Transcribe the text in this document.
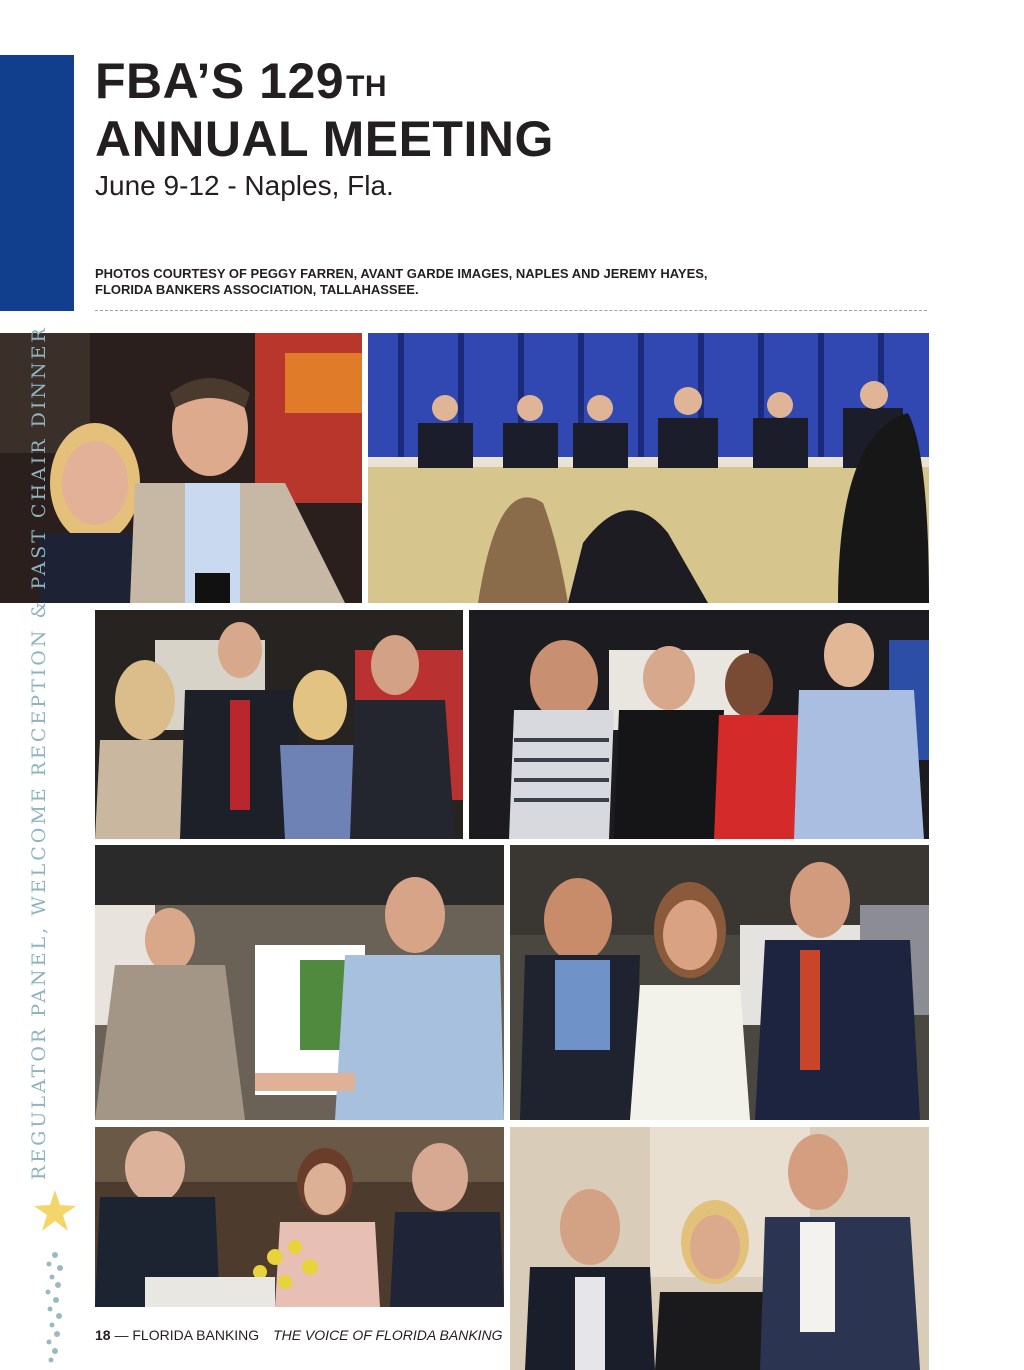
FBA’S 129TH
ANNUAL MEETING
June 9-12 - Naples, Fla.
PHOTOS COURTESY OF PEGGY FARREN, AVANT GARDE IMAGES, NAPLES AND JEREMY HAYES, FLORIDA BANKERS ASSOCIATION, TALLAHASSEE.
REGULATOR PANEL, WELCOME RECEPTION & PAST CHAIR DINNER
18 — FLORIDA BANKING THE VOICE OF FLORIDA BANKING
